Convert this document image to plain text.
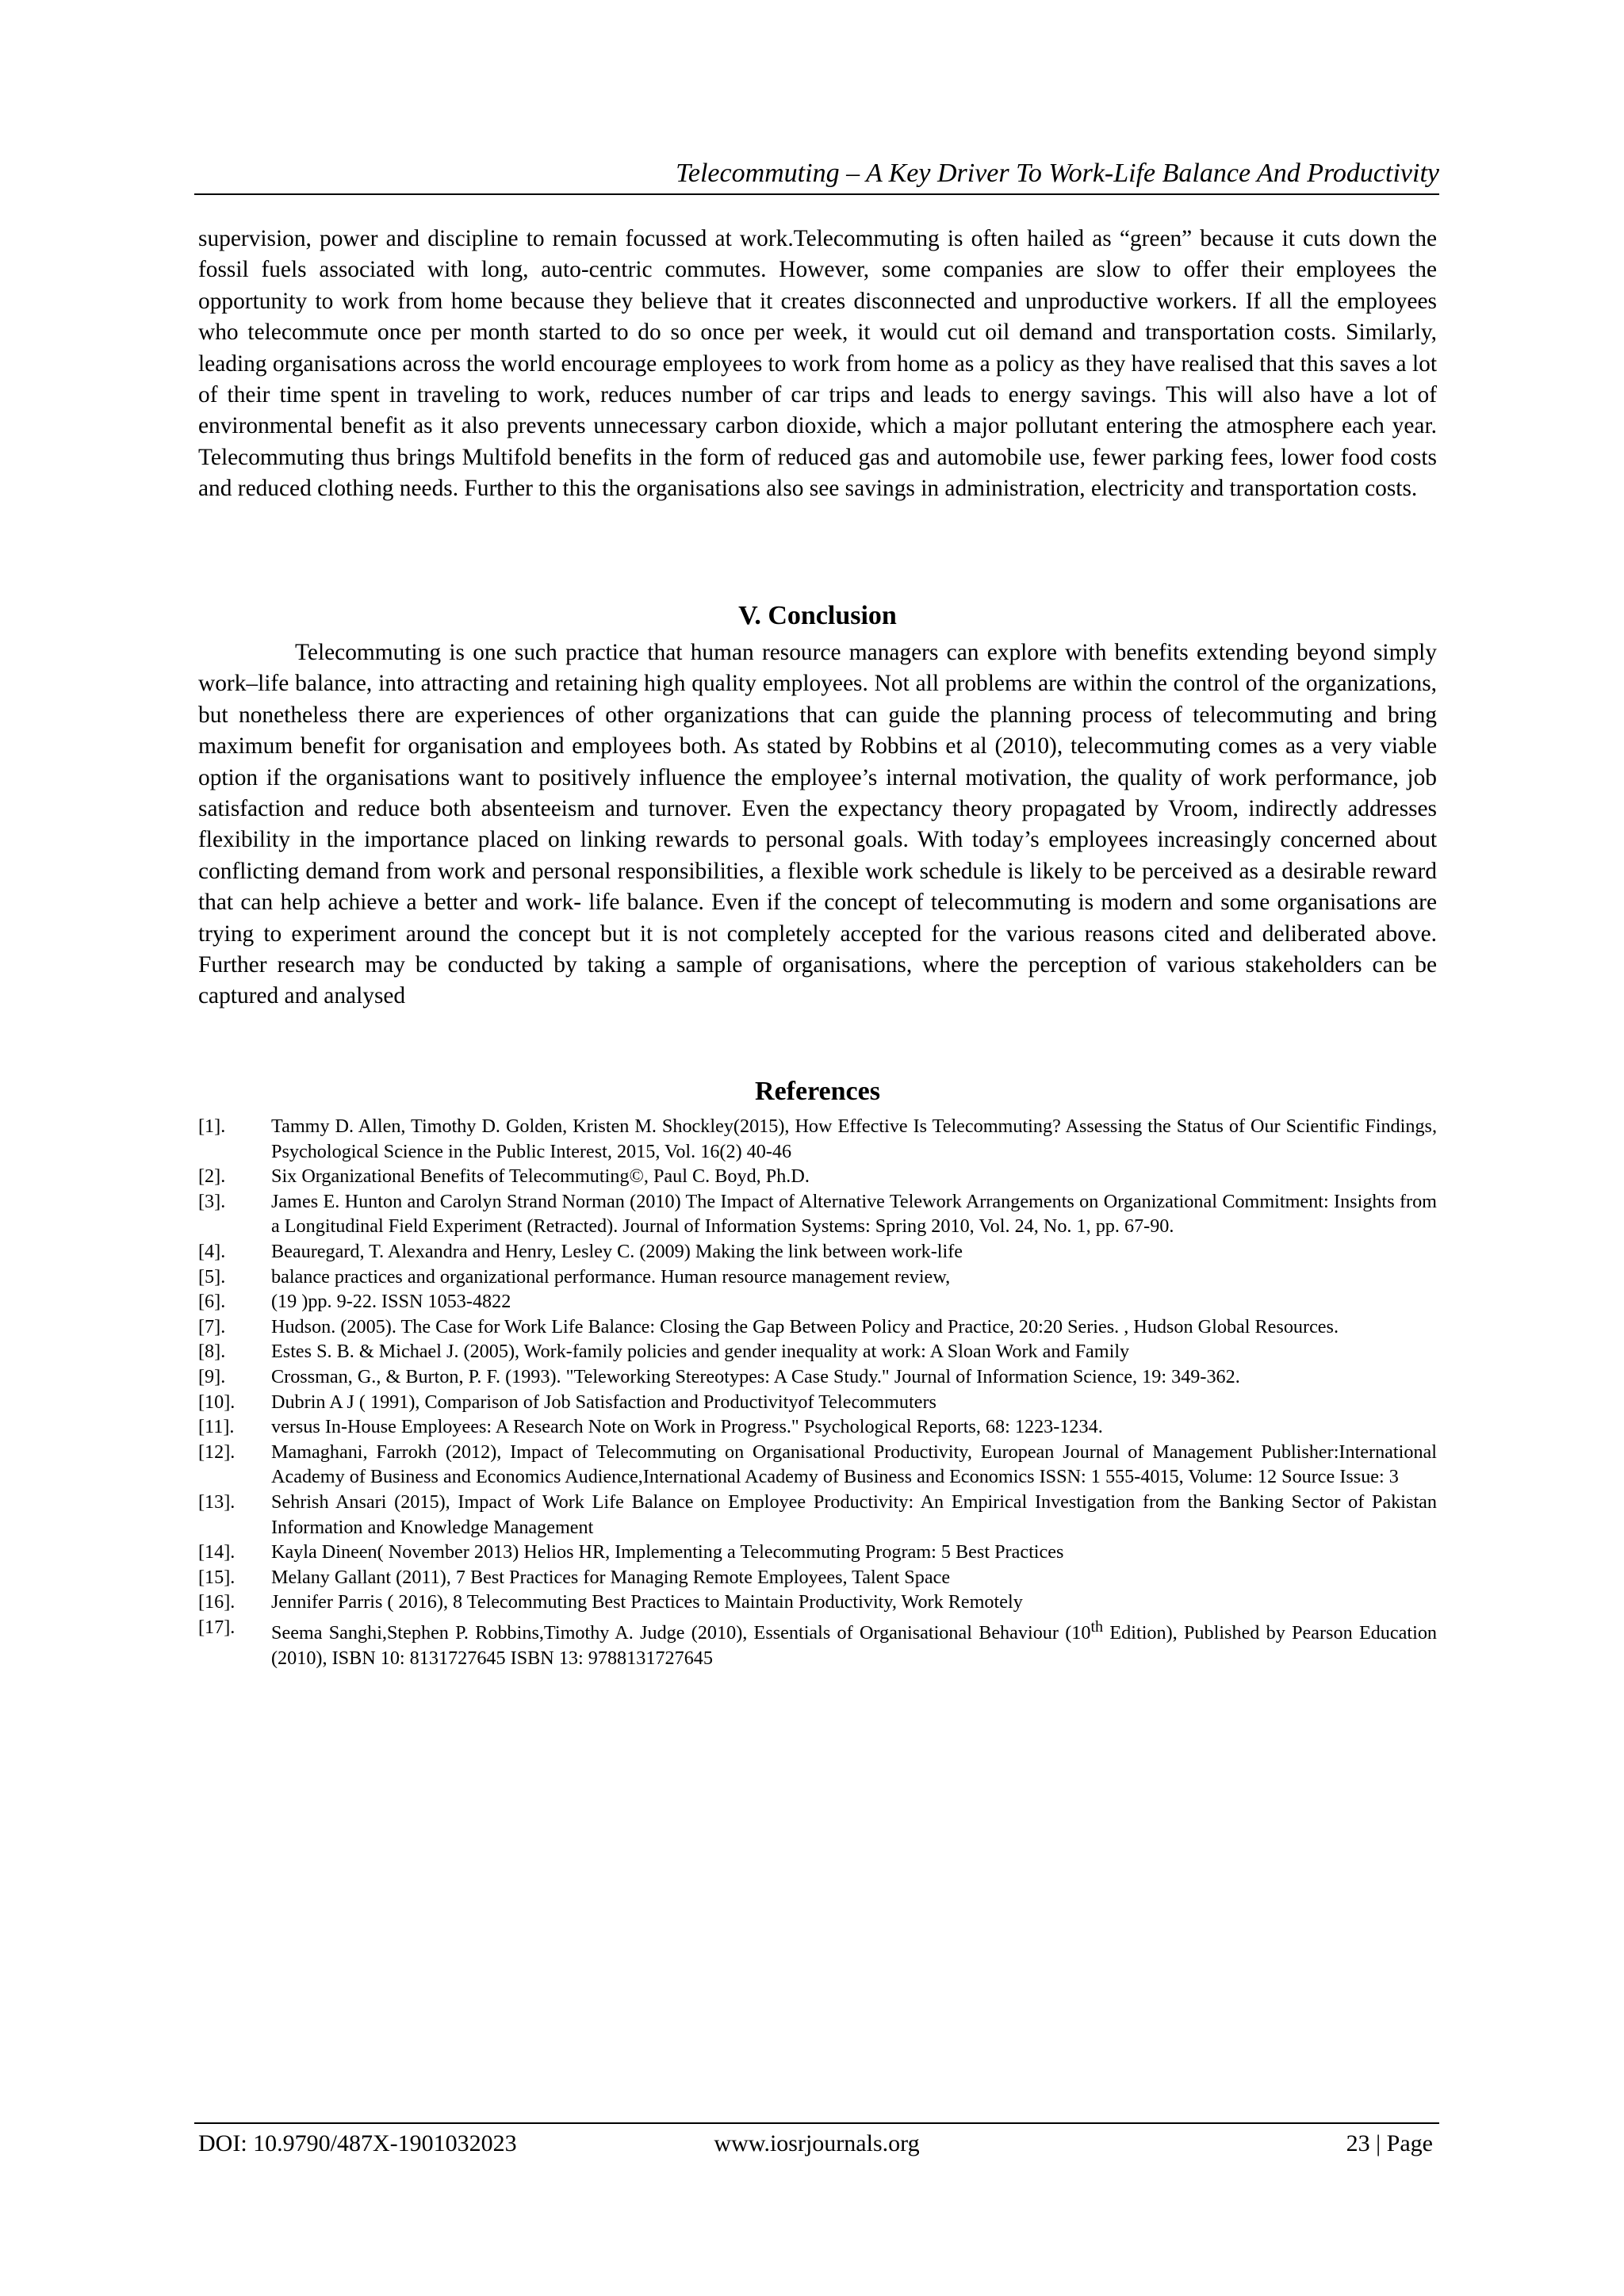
Telecommuting – A Key Driver To Work-Life Balance And Productivity

supervision, power and discipline to remain focussed at work.Telecommuting is often hailed as “green” because it cuts down the fossil fuels associated with long, auto-centric commutes. However, some companies are slow to offer their employees the opportunity to work from home because they believe that it creates disconnected and unproductive workers. If all the employees who telecommute once per month started to do so once per week, it would cut oil demand and transportation costs. Similarly, leading organisations across the world encourage employees to work from home as a policy as they have realised that this saves a lot of their time spent in traveling to work, reduces number of car trips and leads to energy savings. This will also have a lot of environmental benefit as it also prevents unnecessary carbon dioxide, which a major pollutant entering the atmosphere each year. Telecommuting thus brings Multifold benefits in the form of reduced gas and automobile use, fewer parking fees, lower food costs and reduced clothing needs. Further to this the organisations also see savings in administration, electricity and transportation costs.

V. Conclusion

Telecommuting is one such practice that human resource managers can explore with benefits extending beyond simply work–life balance, into attracting and retaining high quality employees. Not all problems are within the control of the organizations, but nonetheless there are experiences of other organizations that can guide the planning process of telecommuting and bring maximum benefit for organisation and employees both. As stated by Robbins et al (2010), telecommuting comes as a very viable option if the organisations want to positively influence the employee’s internal motivation, the quality of work performance, job satisfaction and reduce both absenteeism and turnover. Even the expectancy theory propagated by Vroom, indirectly addresses flexibility in the importance placed on linking rewards to personal goals. With today’s employees increasingly concerned about conflicting demand from work and personal responsibilities, a flexible work schedule is likely to be perceived as a desirable reward that can help achieve a better and work- life balance. Even if the concept of telecommuting is modern and some organisations are trying to experiment around the concept but it is not completely accepted for the various reasons cited and deliberated above. Further research may be conducted by taking a sample of organisations, where the perception of various stakeholders can be captured and analysed

References
[1].	Tammy D. Allen, Timothy D. Golden, Kristen M. Shockley(2015), How Effective Is Telecommuting? Assessing the Status of Our Scientific Findings, Psychological Science in the Public Interest, 2015, Vol. 16(2) 40-46
[2].	Six Organizational Benefits of Telecommuting©, Paul C. Boyd, Ph.D.
[3].	James E. Hunton and Carolyn Strand Norman (2010) The Impact of Alternative Telework Arrangements on Organizational Commitment: Insights from a Longitudinal Field Experiment (Retracted). Journal of Information Systems: Spring 2010, Vol. 24, No. 1, pp. 67-90.
[4].	Beauregard, T. Alexandra and Henry, Lesley C. (2009) Making the link between work-life
[5].	balance practices and organizational performance. Human resource management review,
[6].	(19 )pp. 9-22. ISSN 1053-4822
[7].	Hudson. (2005). The Case for Work Life Balance: Closing the Gap Between Policy and Practice, 20:20 Series. , Hudson Global Resources.
[8].	Estes S. B. & Michael J. (2005), Work-family policies and gender inequality at work: A Sloan Work and Family
[9].	Crossman, G., & Burton, P. F. (1993). "Teleworking Stereotypes: A Case Study." Journal of Information Science, 19: 349-362.
[10].	Dubrin A J ( 1991), Comparison of Job Satisfaction and Productivityof Telecommuters
[11].	versus In-House Employees: A Research Note on Work in Progress." Psychological Reports, 68: 1223-1234.
[12].	Mamaghani, Farrokh (2012), Impact of Telecommuting on Organisational Productivity, European Journal of Management Publisher:International Academy of Business and Economics Audience,International Academy of Business and Economics ISSN: 1 555-4015, Volume: 12 Source Issue: 3
[13].	Sehrish Ansari (2015), Impact of Work Life Balance on Employee Productivity: An Empirical Investigation from the Banking Sector of Pakistan Information and Knowledge Management
[14].	Kayla Dineen( November 2013) Helios HR, Implementing a Telecommuting Program: 5 Best Practices
[15].	Melany Gallant (2011), 7 Best Practices for Managing Remote Employees, Talent Space
[16].	Jennifer Parris ( 2016), 8 Telecommuting Best Practices to Maintain Productivity, Work Remotely
[17].	Seema Sanghi,Stephen P. Robbins,Timothy A. Judge (2010), Essentials of Organisational Behaviour (10th Edition), Published by Pearson Education (2010), ISBN 10: 8131727645 ISBN 13: 9788131727645
DOI: 10.9790/487X-1901032023	www.iosrjournals.org	23 | Page
